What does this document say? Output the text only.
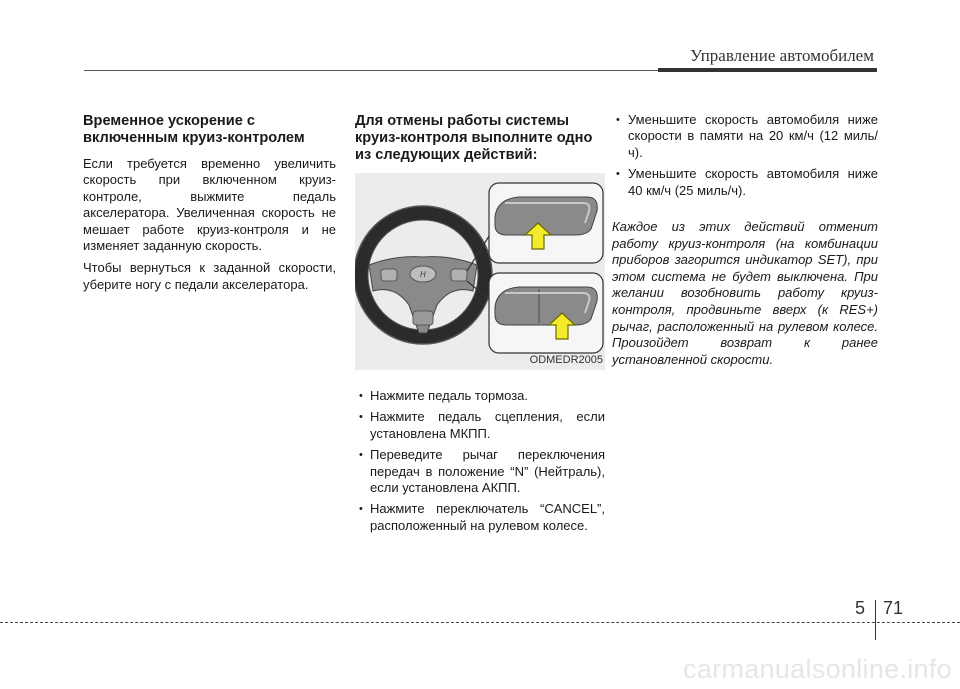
Управление автомобилем
Временное ускорение с включенным круиз-контролем

Если требуется временно увеличить скорость при включенном круиз-контроле, выжмите педаль акселератора. Увеличенная скорость не мешает работе круиз-контроля и не изменяет заданную скорость.

Чтобы вернуться к заданной скорости, уберите ногу с педали акселератора.

Для отмены работы системы круиз-контроля выполните одно из следующих действий:
H
ODMEDR2005
• Нажмите педаль тормоза.
• Нажмите педаль сцепления, если установлена МКПП.
• Переведите рычаг переключения передач в положение “N” (Нейтраль), если установлена АКПП.
• Нажмите переключатель “CANCEL”, расположенный на рулевом колесе.
• Уменьшите скорость автомобиля ниже скорости в памяти на 20 км/ч (12 миль/ч).
• Уменьшите скорость автомобиля ниже 40 км/ч (25 миль/ч).
Каждое из этих действий отменит работу круиз-контроля (на комбинации приборов загорится индикатор SET), при этом система не будет выключена. При желании возобновить работу круиз-контроля, продвиньте вверх (к RES+) рычаг, расположенный на рулевом колесе. Произойдет возврат к ранее установленной скорости.
5 71
carmanualsonline.info
